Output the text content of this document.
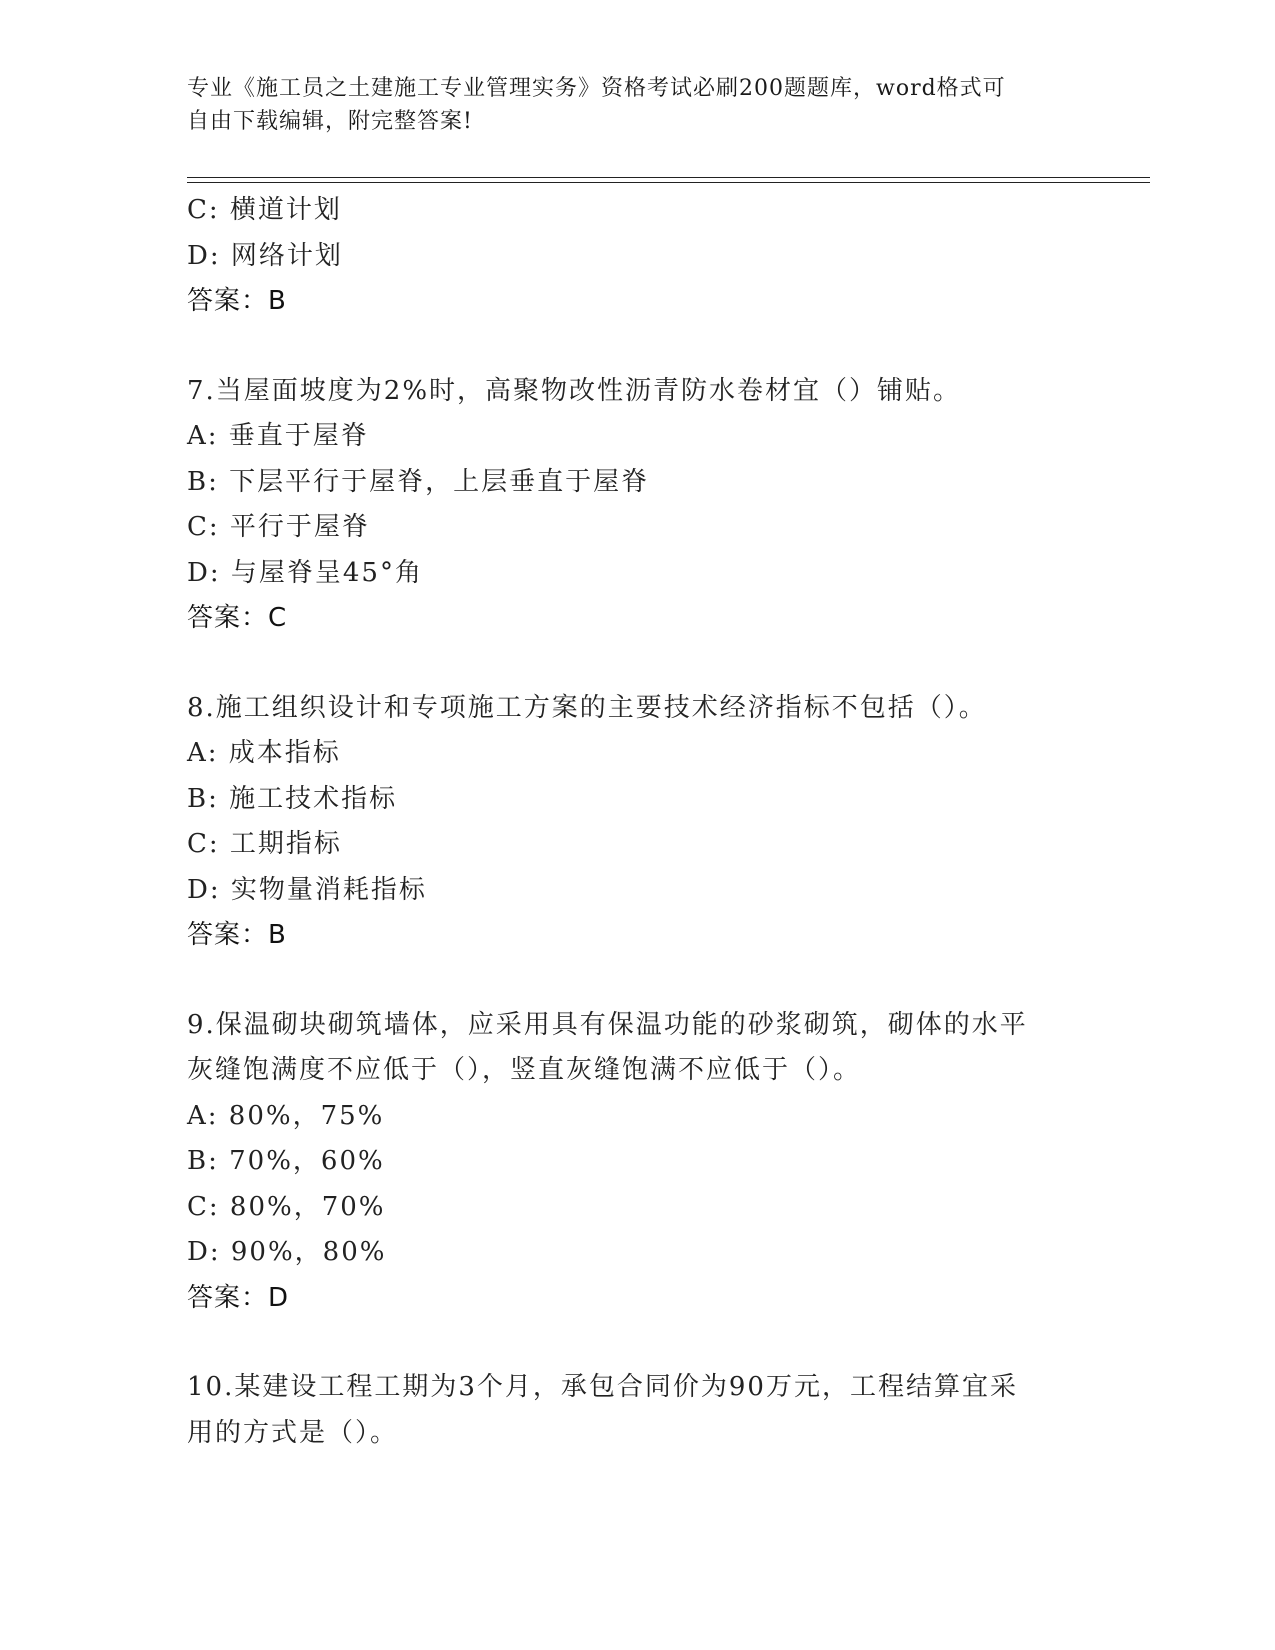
专业《施工员之土建施工专业管理实务》资格考试必刷200题题库，word格式可
自由下载编辑，附完整答案!
C: 横道计划
D: 网络计划
答案：B
7.当屋面坡度为2%时，高聚物改性沥青防水卷材宜（）铺贴。
A: 垂直于屋脊
B: 下层平行于屋脊，上层垂直于屋脊
C: 平行于屋脊
D: 与屋脊呈45°角
答案：C
8.施工组织设计和专项施工方案的主要技术经济指标不包括（）。
A: 成本指标
B: 施工技术指标
C: 工期指标
D: 实物量消耗指标
答案：B
9.保温砌块砌筑墙体，应采用具有保温功能的砂浆砌筑，砌体的水平
灰缝饱满度不应低于（），竖直灰缝饱满不应低于（）。
A: 80%，75%
B: 70%，60%
C: 80%，70%
D: 90%，80%
答案：D
10.某建设工程工期为3个月，承包合同价为90万元，工程结算宜采
用的方式是（）。
